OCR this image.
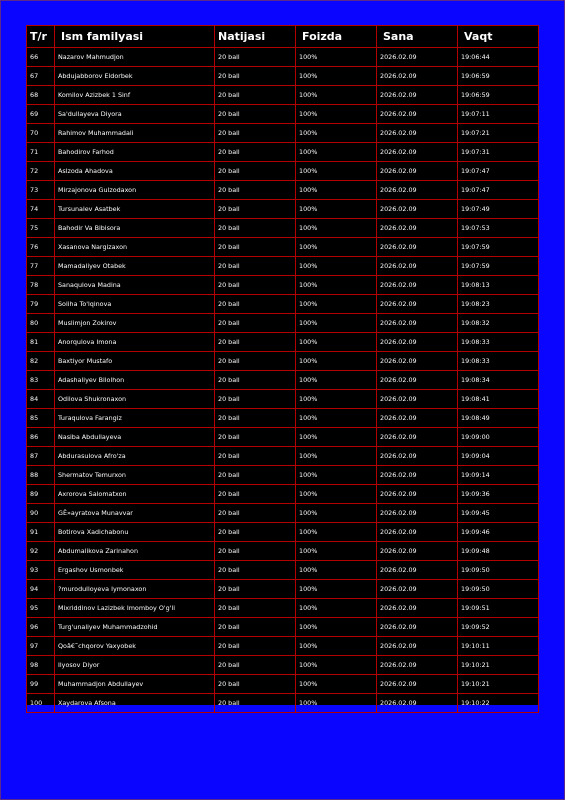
T/r	Ism familyasi	Natijasi	Foizda	Sana	Vaqt
66	Nazarov Mahmudjon	20 ball	100%	2026.02.09	19:06:44
67	Abdujabborov Eldorbek	20 ball	100%	2026.02.09	19:06:59
68	Komilov Azizbek 1 Sinf	20 ball	100%	2026.02.09	19:06:59
69	Sa'dullayeva Diyora	20 ball	100%	2026.02.09	19:07:11
70	Rahimov Muhammadali	20 ball	100%	2026.02.09	19:07:21
71	Bahodirov Farhod	20 ball	100%	2026.02.09	19:07:31
72	Aslzoda Ahadova	20 ball	100%	2026.02.09	19:07:47
73	Mirzajonova Gulzodaxon	20 ball	100%	2026.02.09	19:07:47
74	Tursunalev Asatbek	20 ball	100%	2026.02.09	19:07:49
75	Bahodir Va Bibisora	20 ball	100%	2026.02.09	19:07:53
76	Xasanova Nargizaxon	20 ball	100%	2026.02.09	19:07:59
77	Mamadaliyev Otabek	20 ball	100%	2026.02.09	19:07:59
78	Sanaqulova Madina	20 ball	100%	2026.02.09	19:08:13
79	Soliha To'lqinova	20 ball	100%	2026.02.09	19:08:23
80	Muslimjon Zokirov	20 ball	100%	2026.02.09	19:08:32
81	Anorqulova Imona	20 ball	100%	2026.02.09	19:08:33
82	Baxtiyor Mustafo	20 ball	100%	2026.02.09	19:08:33
83	Adashaliyev Bilolhon	20 ball	100%	2026.02.09	19:08:34
84	Odilova Shukronaxon	20 ball	100%	2026.02.09	19:08:41
85	Turaqulova Farangiz	20 ball	100%	2026.02.09	19:08:49
86	Nasiba Abdullayeva	20 ball	100%	2026.02.09	19:09:00
87	Abdurasulova Afro'za	20 ball	100%	2026.02.09	19:09:04
88	Shermatov Temurxon	20 ball	100%	2026.02.09	19:09:14
89	Axrorova Salomatxon	20 ball	100%	2026.02.09	19:09:36
90	GÊ»ayratova Munavvar	20 ball	100%	2026.02.09	19:09:45
91	Botirova Xadichabonu	20 ball	100%	2026.02.09	19:09:46
92	Abdumalikova Zarinahon	20 ball	100%	2026.02.09	19:09:48
93	Ergashov Usmonbek	20 ball	100%	2026.02.09	19:09:50
94	?murodulloyeva Iymonaxon	20 ball	100%	2026.02.09	19:09:50
95	Mixriddinov Lazizbek Imomboy O'g'li	20 ball	100%	2026.02.09	19:09:51
96	Turg'unaliyev Muhammadzohid	20 ball	100%	2026.02.09	19:09:52
97	Qoâ€˜chqorov Yaxyobek	20 ball	100%	2026.02.09	19:10:11
98	Ilyosov Diyor	20 ball	100%	2026.02.09	19:10:21
99	Muhammadjon Abdullayev	20 ball	100%	2026.02.09	19:10:21
100	Xaydarova Afsona	20 ball	100%	2026.02.09	19:10:22
